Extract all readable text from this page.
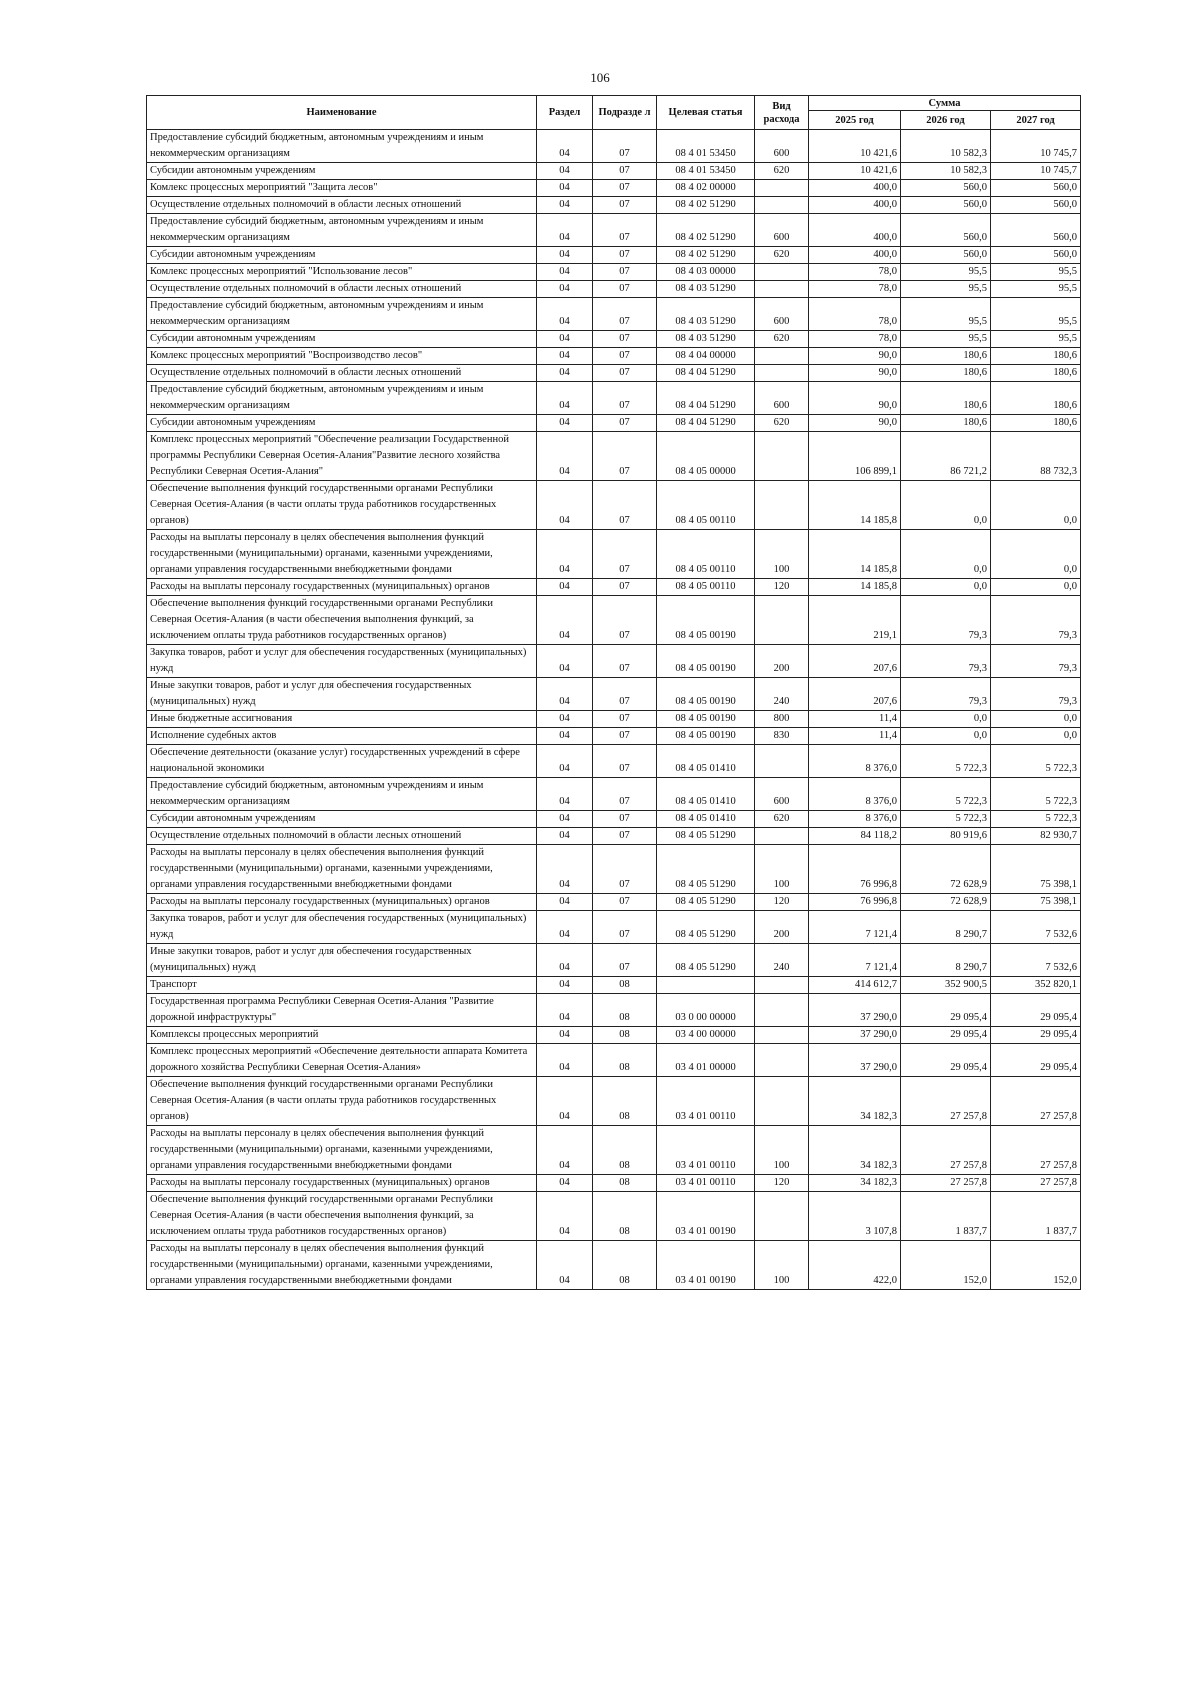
106
Наименование	Раздел	Подразде л	Целевая статья	Вид расхода	Сумма		
					2025 год	2026 год	2027 год
Предоставление субсидий бюджетным, автономным учреждениям и иным некоммерческим организациям	04	07	08 4 01 53450	600	10 421,6	10 582,3	10 745,7
Субсидии автономным учреждениям	04	07	08 4 01 53450	620	10 421,6	10 582,3	10 745,7
Комлекс процессных мероприятий "Защита лесов"	04	07	08 4 02 00000		400,0	560,0	560,0
Осуществление отдельных полномочий в области лесных отношений	04	07	08 4 02 51290		400,0	560,0	560,0
Предоставление субсидий бюджетным, автономным учреждениям и иным некоммерческим организациям	04	07	08 4 02 51290	600	400,0	560,0	560,0
Субсидии автономным учреждениям	04	07	08 4 02 51290	620	400,0	560,0	560,0
Комлекс процессных мероприятий "Использование лесов"	04	07	08 4 03 00000		78,0	95,5	95,5
Осуществление отдельных полномочий в области лесных отношений	04	07	08 4 03 51290		78,0	95,5	95,5
Предоставление субсидий бюджетным, автономным учреждениям и иным некоммерческим организациям	04	07	08 4 03 51290	600	78,0	95,5	95,5
Субсидии автономным учреждениям	04	07	08 4 03 51290	620	78,0	95,5	95,5
Комлекс процессных мероприятий "Воспроизводство лесов"	04	07	08 4 04 00000		90,0	180,6	180,6
Осуществление отдельных полномочий в области лесных отношений	04	07	08 4 04 51290		90,0	180,6	180,6
Предоставление субсидий бюджетным, автономным учреждениям и иным некоммерческим организациям	04	07	08 4 04 51290	600	90,0	180,6	180,6
Субсидии автономным учреждениям	04	07	08 4 04 51290	620	90,0	180,6	180,6
Комплекс процессных мероприятий "Обеспечение реализации Государственной программы Республики Северная Осетия-Алания"Развитие лесного хозяйства Республики Северная Осетия-Алания"	04	07	08 4 05 00000		106 899,1	86 721,2	88 732,3
Обеспечение выполнения функций государственными органами Республики Северная Осетия-Алания (в части оплаты труда работников государственных органов)	04	07	08 4 05 00110		14 185,8	0,0	0,0
Расходы на выплаты персоналу в целях обеспечения выполнения функций государственными (муниципальными) органами, казенными учреждениями, органами управления государственными внебюджетными фондами	04	07	08 4 05 00110	100	14 185,8	0,0	0,0
Расходы на выплаты персоналу государственных (муниципальных) органов	04	07	08 4 05 00110	120	14 185,8	0,0	0,0
Обеспечение выполнения функций государственными органами Республики Северная Осетия-Алания (в части обеспечения выполнения функций, за исключением оплаты труда работников государственных органов)	04	07	08 4 05 00190		219,1	79,3	79,3
Закупка товаров, работ и услуг для обеспечения государственных (муниципальных) нужд	04	07	08 4 05 00190	200	207,6	79,3	79,3
Иные закупки товаров, работ и услуг для обеспечения государственных (муниципальных) нужд	04	07	08 4 05 00190	240	207,6	79,3	79,3
Иные бюджетные ассигнования	04	07	08 4 05 00190	800	11,4	0,0	0,0
Исполнение судебных актов	04	07	08 4 05 00190	830	11,4	0,0	0,0
Обеспечение деятельности (оказание услуг) государственных учреждений в сфере национальной экономики	04	07	08 4 05 01410		8 376,0	5 722,3	5 722,3
Предоставление субсидий бюджетным, автономным учреждениям и иным некоммерческим организациям	04	07	08 4 05 01410	600	8 376,0	5 722,3	5 722,3
Субсидии автономным учреждениям	04	07	08 4 05 01410	620	8 376,0	5 722,3	5 722,3
Осуществление отдельных полномочий в области лесных отношений	04	07	08 4 05 51290		84 118,2	80 919,6	82 930,7
Расходы на выплаты персоналу в целях обеспечения выполнения функций государственными (муниципальными) органами, казенными учреждениями, органами управления государственными внебюджетными фондами	04	07	08 4 05 51290	100	76 996,8	72 628,9	75 398,1
Расходы на выплаты персоналу государственных (муниципальных) органов	04	07	08 4 05 51290	120	76 996,8	72 628,9	75 398,1
Закупка товаров, работ и услуг для обеспечения государственных (муниципальных) нужд	04	07	08 4 05 51290	200	7 121,4	8 290,7	7 532,6
Иные закупки товаров, работ и услуг для обеспечения государственных (муниципальных) нужд	04	07	08 4 05 51290	240	7 121,4	8 290,7	7 532,6
Транспорт	04	08			414 612,7	352 900,5	352 820,1
Государственная программа Республики Северная Осетия-Алания "Развитие дорожной инфраструктуры"	04	08	03 0 00 00000		37 290,0	29 095,4	29 095,4
Комплексы процессных мероприятий	04	08	03 4 00 00000		37 290,0	29 095,4	29 095,4
Комплекс процессных мероприятий «Обеспечение деятельности аппарата Комитета дорожного хозяйства Республики Северная Осетия-Алания»	04	08	03 4 01 00000		37 290,0	29 095,4	29 095,4
Обеспечение выполнения функций государственными органами Республики Северная Осетия-Алания (в части оплаты труда работников государственных органов)	04	08	03 4 01 00110		34 182,3	27 257,8	27 257,8
Расходы на выплаты персоналу в целях обеспечения выполнения функций государственными (муниципальными) органами, казенными учреждениями, органами управления государственными внебюджетными фондами	04	08	03 4 01 00110	100	34 182,3	27 257,8	27 257,8
Расходы на выплаты персоналу государственных (муниципальных) органов	04	08	03 4 01 00110	120	34 182,3	27 257,8	27 257,8
Обеспечение выполнения функций государственными органами Республики Северная Осетия-Алания (в части обеспечения выполнения функций, за исключением оплаты труда работников государственных органов)	04	08	03 4 01 00190		3 107,8	1 837,7	1 837,7
Расходы на выплаты персоналу в целях обеспечения выполнения функций государственными (муниципальными) органами, казенными учреждениями, органами управления государственными внебюджетными фондами	04	08	03 4 01 00190	100	422,0	152,0	152,0
